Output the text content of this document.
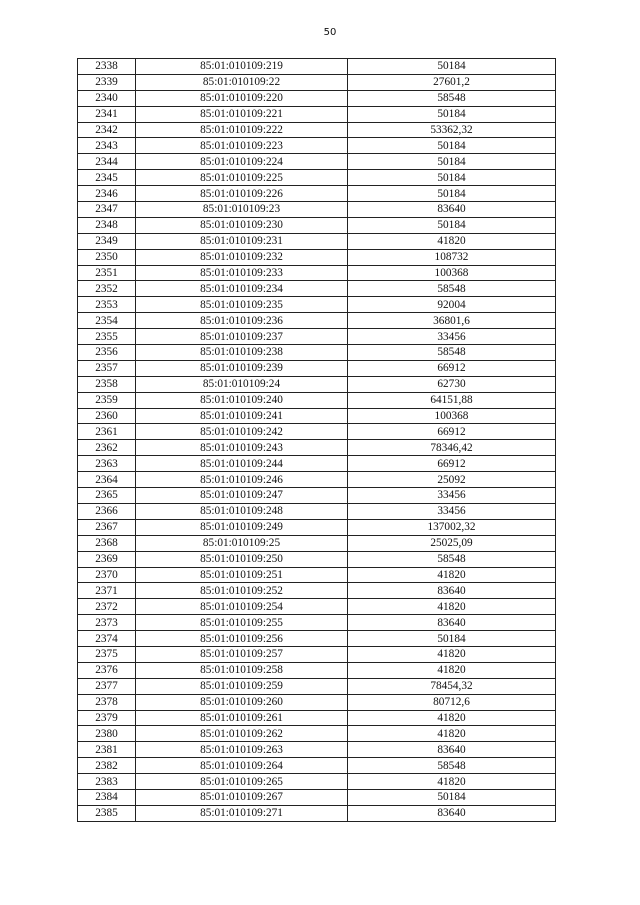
50
2338	85:01:010109:219	50184
2339	85:01:010109:22	27601,2
2340	85:01:010109:220	58548
2341	85:01:010109:221	50184
2342	85:01:010109:222	53362,32
2343	85:01:010109:223	50184
2344	85:01:010109:224	50184
2345	85:01:010109:225	50184
2346	85:01:010109:226	50184
2347	85:01:010109:23	83640
2348	85:01:010109:230	50184
2349	85:01:010109:231	41820
2350	85:01:010109:232	108732
2351	85:01:010109:233	100368
2352	85:01:010109:234	58548
2353	85:01:010109:235	92004
2354	85:01:010109:236	36801,6
2355	85:01:010109:237	33456
2356	85:01:010109:238	58548
2357	85:01:010109:239	66912
2358	85:01:010109:24	62730
2359	85:01:010109:240	64151,88
2360	85:01:010109:241	100368
2361	85:01:010109:242	66912
2362	85:01:010109:243	78346,42
2363	85:01:010109:244	66912
2364	85:01:010109:246	25092
2365	85:01:010109:247	33456
2366	85:01:010109:248	33456
2367	85:01:010109:249	137002,32
2368	85:01:010109:25	25025,09
2369	85:01:010109:250	58548
2370	85:01:010109:251	41820
2371	85:01:010109:252	83640
2372	85:01:010109:254	41820
2373	85:01:010109:255	83640
2374	85:01:010109:256	50184
2375	85:01:010109:257	41820
2376	85:01:010109:258	41820
2377	85:01:010109:259	78454,32
2378	85:01:010109:260	80712,6
2379	85:01:010109:261	41820
2380	85:01:010109:262	41820
2381	85:01:010109:263	83640
2382	85:01:010109:264	58548
2383	85:01:010109:265	41820
2384	85:01:010109:267	50184
2385	85:01:010109:271	83640
